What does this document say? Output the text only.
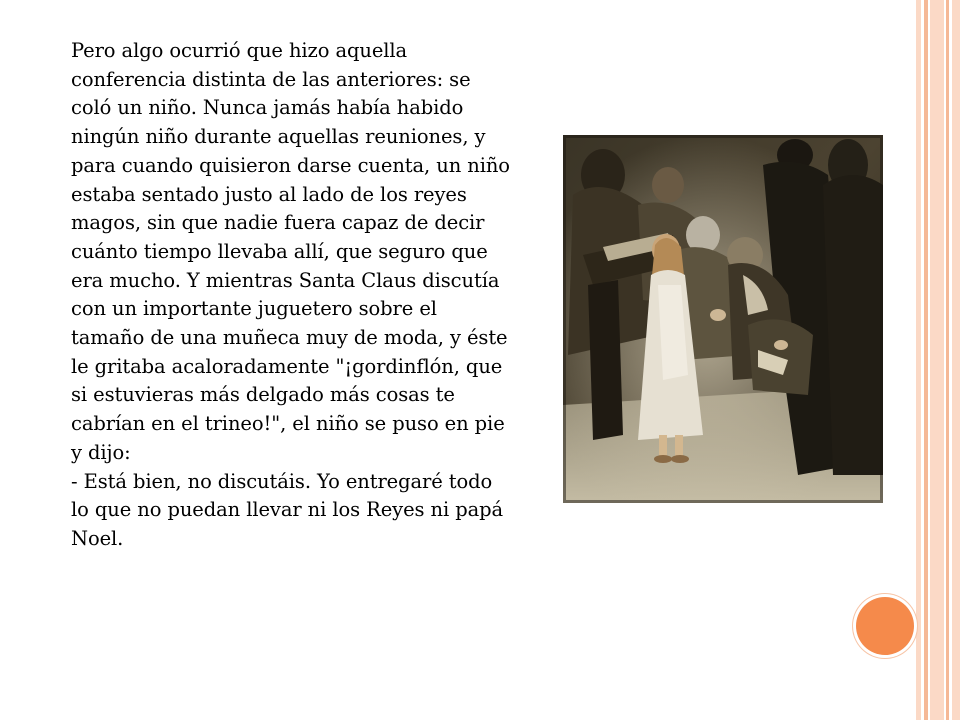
Pero algo ocurrió que hizo aquella conferencia distinta de las anteriores: se coló un niño. Nunca jamás había habido ningún niño durante aquellas reuniones, y para cuando quisieron darse cuenta, un niño estaba sentado justo al lado de los reyes magos, sin que nadie fuera capaz de decir cuánto tiempo llevaba allí, que seguro que era mucho. Y mientras Santa Claus discutía con un importante juguetero sobre el tamaño de una muñeca muy de moda, y éste le gritaba acaloradamente "¡gordinflón, que si estuvieras más delgado más cosas te cabrían en el trineo!", el niño se puso en pie y dijo:

- Está bien, no discutáis. Yo entregaré todo lo que no puedan llevar ni los Reyes ni papá Noel.
